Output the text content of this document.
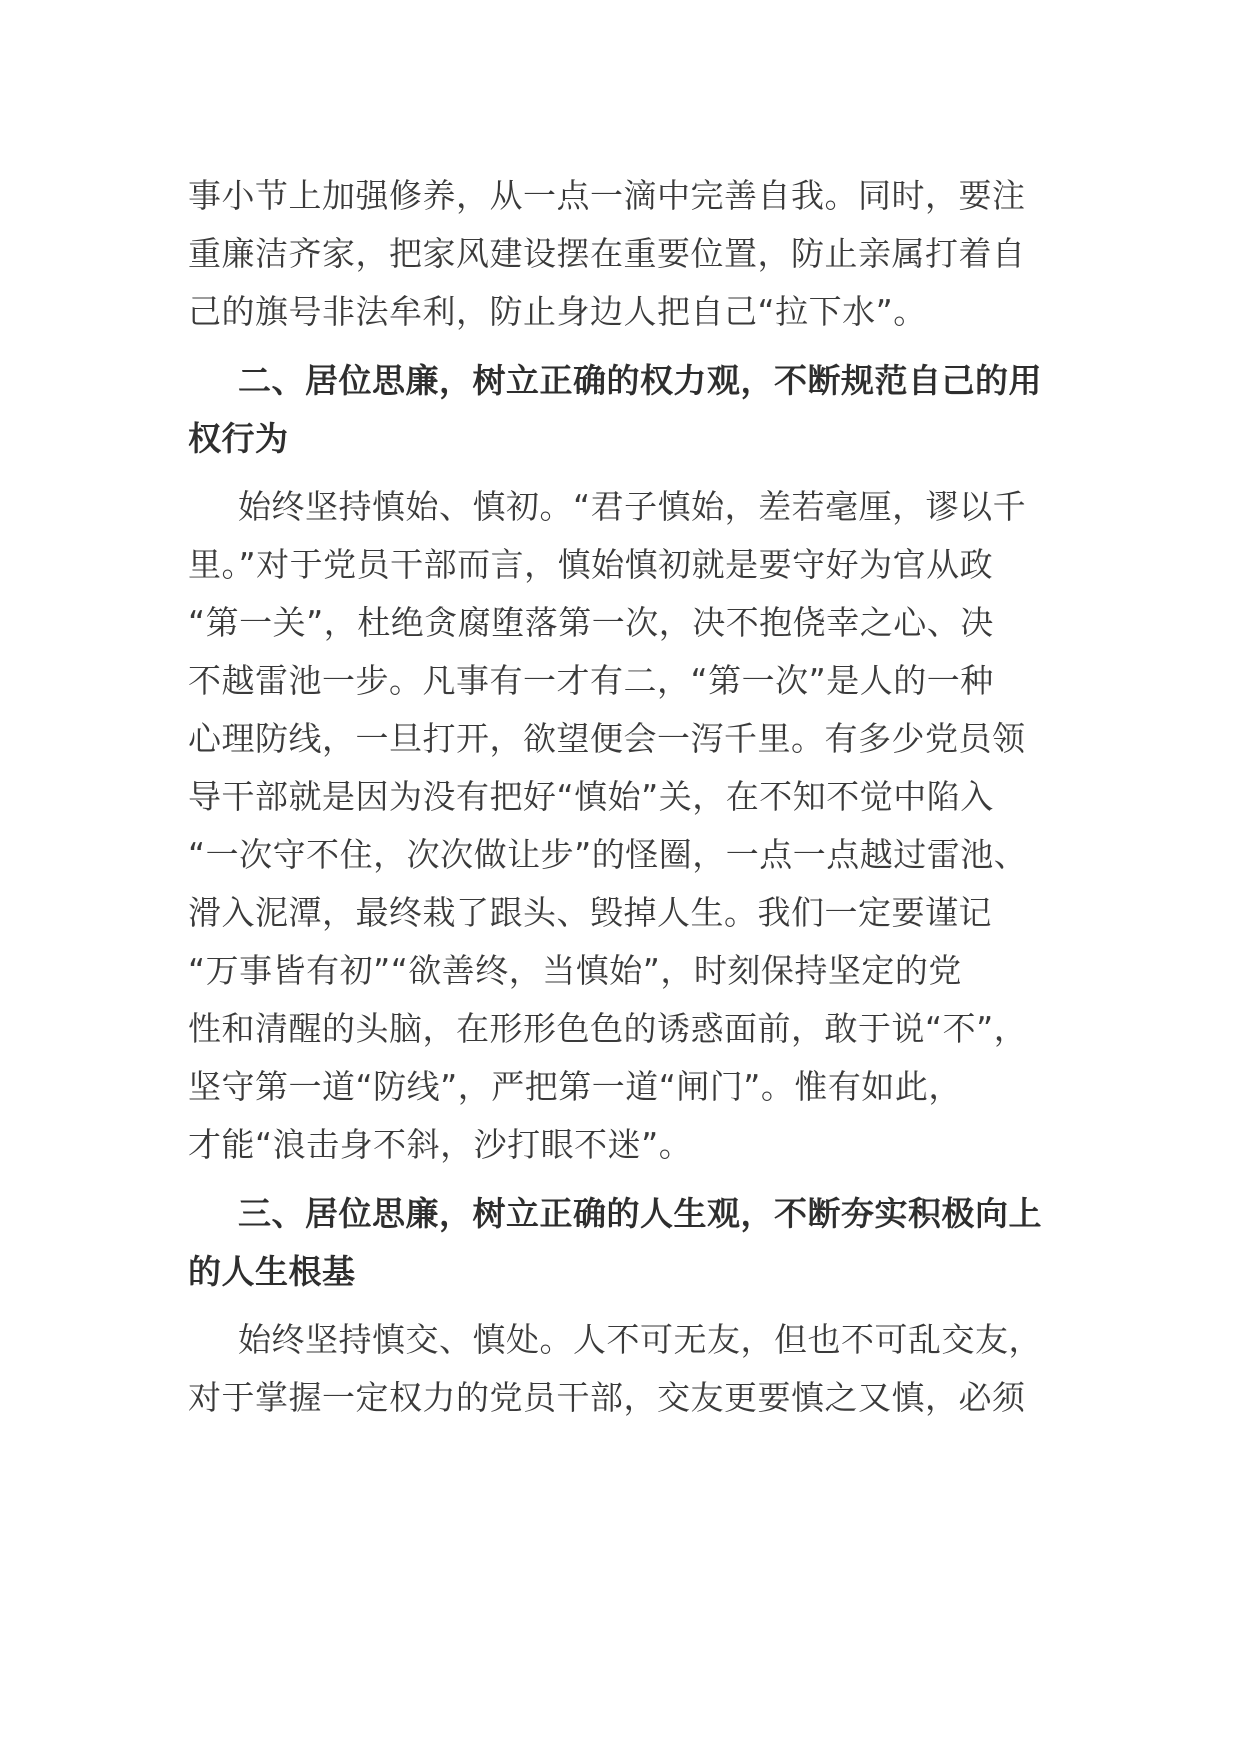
事小节上加强修养，从一点一滴中完善自我。同时，要注
重廉洁齐家，把家风建设摆在重要位置，防止亲属打着自
己的旗号非法牟利，防止身边人把自己“拉下水”。
二、居位思廉，树立正确的权力观，不断规范自己的用
权行为
始终坚持慎始、慎初。“君子慎始，差若毫厘，谬以千
里。”对于党员干部而言，慎始慎初就是要守好为官从政
“第一关”，杜绝贪腐堕落第一次，决不抱侥幸之心、决
不越雷池一步。凡事有一才有二，“第一次”是人的一种
心理防线，一旦打开，欲望便会一泻千里。有多少党员领
导干部就是因为没有把好“慎始”关，在不知不觉中陷入
“一次守不住，次次做让步”的怪圈，一点一点越过雷池、
滑入泥潭，最终栽了跟头、毁掉人生。我们一定要谨记
“万事皆有初”“欲善终，当慎始”，时刻保持坚定的党
性和清醒的头脑，在形形色色的诱惑面前，敢于说“不”，
坚守第一道“防线”，严把第一道“闸门”。惟有如此，
才能“浪击身不斜，沙打眼不迷”。
三、居位思廉，树立正确的人生观，不断夯实积极向上
的人生根基
始终坚持慎交、慎处。人不可无友，但也不可乱交友，
对于掌握一定权力的党员干部，交友更要慎之又慎，必须
